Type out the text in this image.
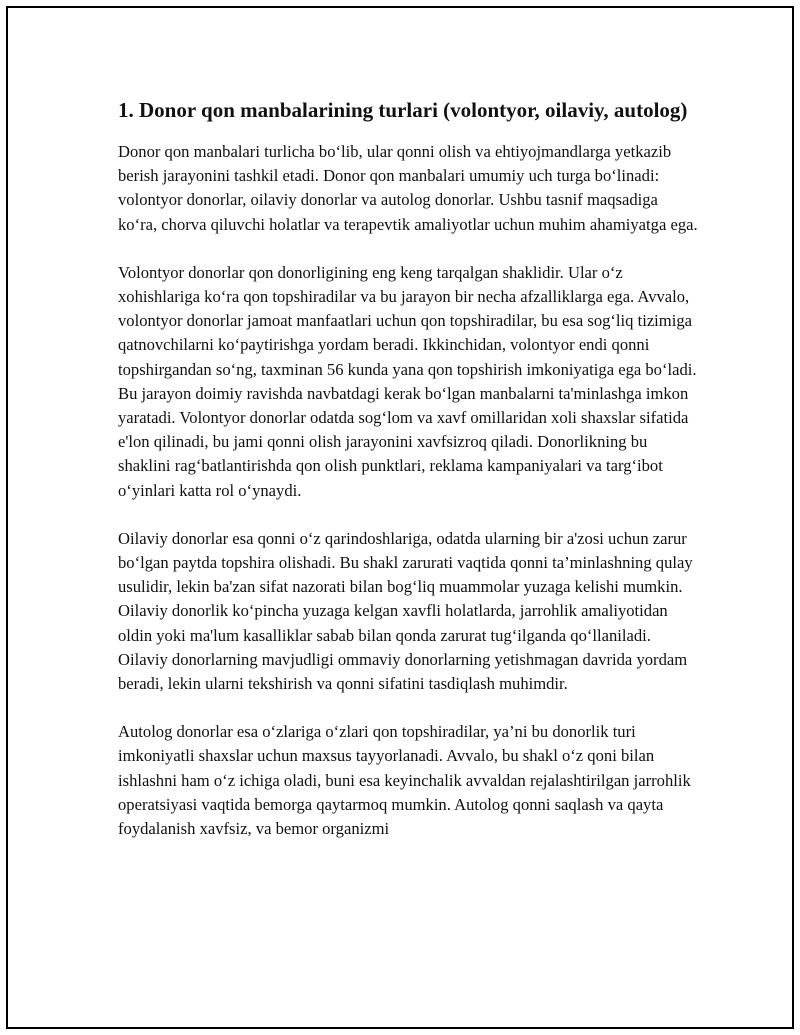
1. Donor qon manbalarining turlari (volontyor, oilaviy, autolog)

Donor qon manbalari turlicha bo‘lib, ular qonni olish va ehtiyojmandlarga yetkazib berish jarayonini tashkil etadi. Donor qon manbalari umumiy uch turga bo‘linadi: volontyor donorlar, oilaviy donorlar va autolog donorlar. Ushbu tasnif maqsadiga ko‘ra, chorva qiluvchi holatlar va terapevtik amaliyotlar uchun muhim ahamiyatga ega.

Volontyor donorlar qon donorligining eng keng tarqalgan shaklidir. Ular o‘z xohishlariga ko‘ra qon topshiradilar va bu jarayon bir necha afzalliklarga ega. Avvalo, volontyor donorlar jamoat manfaatlari uchun qon topshiradilar, bu esa sog‘liq tizimiga qatnovchilarni ko‘paytirishga yordam beradi. Ikkinchidan, volontyor endi qonni topshirgandan so‘ng, taxminan 56 kunda yana qon topshirish imkoniyatiga ega bo‘ladi. Bu jarayon doimiy ravishda navbatdagi kerak bo‘lgan manbalarni ta'minlashga imkon yaratadi. Volontyor donorlar odatda sog‘lom va xavf omillaridan xoli shaxslar sifatida e'lon qilinadi, bu jami qonni olish jarayonini xavfsizroq qiladi. Donorlikning bu shaklini rag‘batlantirishda qon olish punktlari, reklama kampaniyalari va targ‘ibot o‘yinlari katta rol o‘ynaydi.

Oilaviy donorlar esa qonni o‘z qarindoshlariga, odatda ularning bir a'zosi uchun zarur bo‘lgan paytda topshira olishadi. Bu shakl zarurati vaqtida qonni ta’minlashning qulay usulidir, lekin ba'zan sifat nazorati bilan bog‘liq muammolar yuzaga kelishi mumkin. Oilaviy donorlik ko‘pincha yuzaga kelgan xavfli holatlarda, jarrohlik amaliyotidan oldin yoki ma'lum kasalliklar sabab bilan qonda zarurat tug‘ilganda qo‘llaniladi. Oilaviy donorlarning mavjudligi ommaviy donorlarning yetishmagan davrida yordam beradi, lekin ularni tekshirish va qonni sifatini tasdiqlash muhimdir.

Autolog donorlar esa o‘zlariga o‘zlari qon topshiradilar, ya’ni bu donorlik turi imkoniyatli shaxslar uchun maxsus tayyorlanadi. Avvalo, bu shakl o‘z qoni bilan ishlashni ham o‘z ichiga oladi, buni esa keyinchalik avvaldan rejalashtirilgan jarrohlik operatsiyasi vaqtida bemorga qaytarmoq mumkin. Autolog qonni saqlash va qayta foydalanish xavfsiz, va bemor organizmi
